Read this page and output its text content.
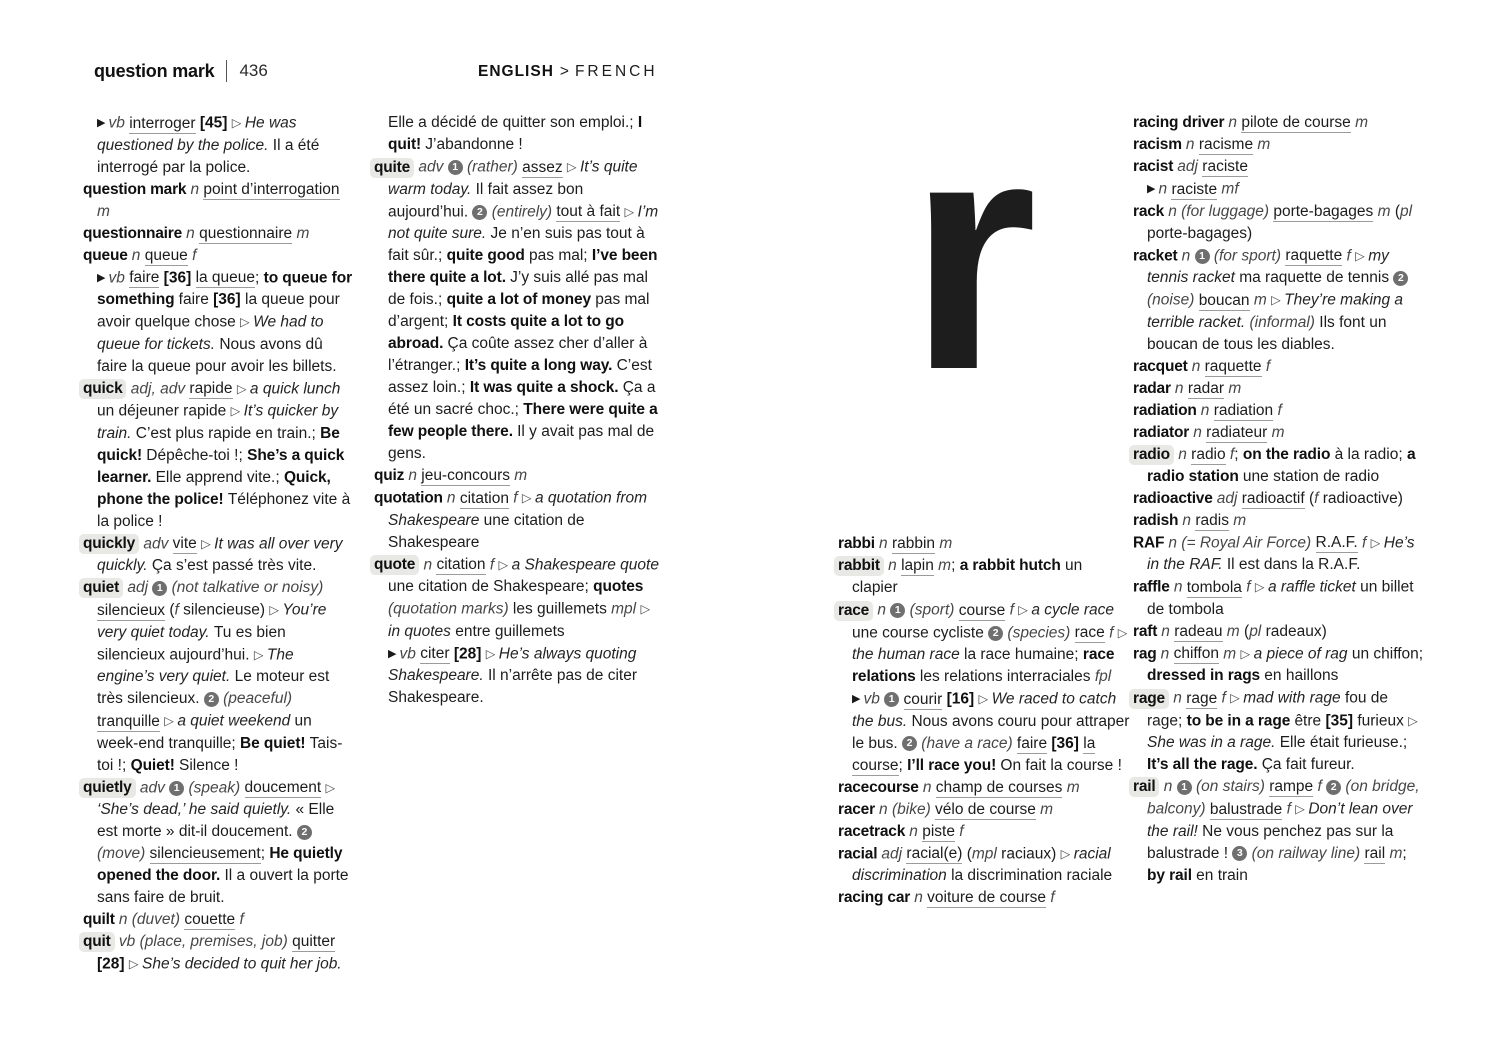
question mark 436	ENGLISH > FRENCH r
▶ vb interroger [45] ▷ He was questioned by the police. Il a été interrogé par la police.
question mark n point d’interrogation m
questionnaire n questionnaire m
queue n queue f
▶ vb faire [36] la queue; to queue for something faire [36] la queue pour avoir quelque chose ▷ We had to queue for tickets. Nous avons dû faire la queue pour avoir les billets.
quick adj, adv rapide ▷ a quick lunch un déjeuner rapide ▷ It’s quicker by train. C’est plus rapide en train.; Be quick! Dépêche-toi !; She’s a quick learner. Elle apprend vite.; Quick, phone the police! Téléphonez vite à la police !
quickly adv vite ▷ It was all over very quickly. Ça s’est passé très vite.
quiet adj 1 (not talkative or noisy) silencieux (f silencieuse) ▷ You’re very quiet today. Tu es bien silencieux aujourd’hui. ▷ The engine’s very quiet. Le moteur est très silencieux. 2 (peaceful) tranquille ▷ a quiet weekend un week-end tranquille; Be quiet! Tais-toi !; Quiet! Silence !
quietly adv 1 (speak) doucement ▷ ‘She’s dead,’ he said quietly. « Elle est morte » dit-il doucement. 2 (move) silencieusement; He quietly opened the door. Il a ouvert la porte sans faire de bruit.
quilt n (duvet) couette f
quit vb (place, premises, job) quitter [28] ▷ She’s decided to quit her job.
Elle a décidé de quitter son emploi.; I quit! J’abandonne !
quite adv 1 (rather) assez ▷ It’s quite warm today. Il fait assez bon aujourd’hui. 2 (entirely) tout à fait ▷ I’m not quite sure. Je n’en suis pas tout à fait sûr.; quite good pas mal; I’ve been there quite a lot. J’y suis allé pas mal de fois.; quite a lot of money pas mal d’argent; It costs quite a lot to go abroad. Ça coûte assez cher d’aller à l’étranger.; It’s quite a long way. C’est assez loin.; It was quite a shock. Ça a été un sacré choc.; There were quite a few people there. Il y avait pas mal de gens.
quiz n jeu-concours m
quotation n citation f ▷ a quotation from Shakespeare une citation de Shakespeare
quote n citation f ▷ a Shakespeare quote une citation de Shakespeare; quotes (quotation marks) les guillemets mpl ▷ in quotes entre guillemets
▶ vb citer [28] ▷ He’s always quoting Shakespeare. Il n’arrête pas de citer Shakespeare.
rabbi n rabbin m
rabbit n lapin m; a rabbit hutch un clapier
race n 1 (sport) course f ▷ a cycle race une course cycliste 2 (species) race f ▷ the human race la race humaine; race relations les relations interraciales fpl
▶ vb 1 courir [16] ▷ We raced to catch the bus. Nous avons couru pour attraper le bus. 2 (have a race) faire [36] la course; I’ll race you! On fait la course !
racecourse n champ de courses m
racer n (bike) vélo de course m
racetrack n piste f
racial adj racial(e) (mpl raciaux) ▷ racial discrimination la discrimination raciale
racing car n voiture de course f
racing driver n pilote de course m
racism n racisme m
racist adj raciste
▶ n raciste mf
rack n (for luggage) porte-bagages m (pl porte-bagages)
racket n 1 (for sport) raquette f ▷ my tennis racket ma raquette de tennis 2 (noise) boucan m ▷ They’re making a terrible racket. (informal) Ils font un boucan de tous les diables.
racquet n raquette f
radar n radar m
radiation n radiation f
radiator n radiateur m
radio n radio f; on the radio à la radio; a radio station une station de radio
radioactive adj radioactif (f radioactive)
radish n radis m
RAF n (= Royal Air Force) R.A.F. f ▷ He’s in the RAF. Il est dans la R.A.F.
raffle n tombola f ▷ a raffle ticket un billet de tombola
raft n radeau m (pl radeaux)
rag n chiffon m ▷ a piece of rag un chiffon; dressed in rags en haillons
rage n rage f ▷ mad with rage fou de rage; to be in a rage être [35] furieux ▷ She was in a rage. Elle était furieuse.; It’s all the rage. Ça fait fureur.
rail n 1 (on stairs) rampe f 2 (on bridge, balcony) balustrade f ▷ Don’t lean over the rail! Ne vous penchez pas sur la balustrade ! 3 (on railway line) rail m; by rail en train
